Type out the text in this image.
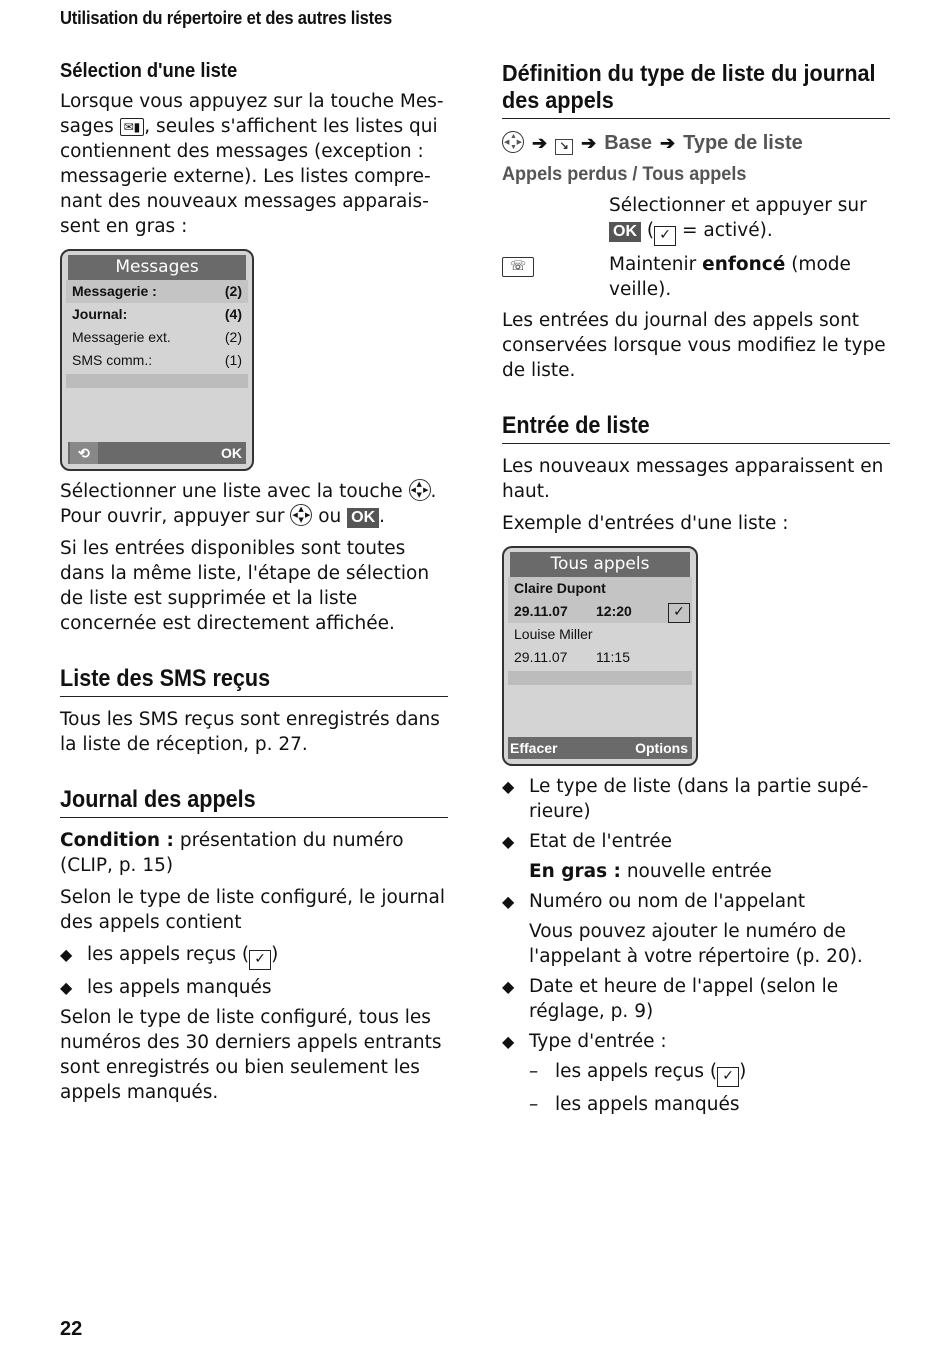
Utilisation du répertoire et des autres listes
Sélection d'une liste

Lorsque vous appuyez sur la touche Mes-sages ✉▮ , seules s'affichent les listes qui contiennent des messages (exception : messagerie externe). Les listes compre-nant des nouveaux messages apparais-sent en gras :

Messages
Messagerie :	(2)
Journal:	(4)
Messagerie ext.	(2)
SMS comm.:	(1)
⟲	OK

Sélectionner une liste avec la touche ▲
▼
◀ ▶ .
Pour ouvrir, appuyer sur ▲
▼
◀ ▶ ou OK .

Si les entrées disponibles sont toutes dans la même liste, l'étape de sélection de liste est supprimée et la liste concernée est directement affichée.

Liste des SMS reçus

Tous les SMS reçus sont enregistrés dans la liste de réception, p. 27.

Journal des appels

Condition : présentation du numéro (CLIP, p. 15)

Selon le type de liste configuré, le journal des appels contient

◆ les appels reçus ( ✓ )
◆ les appels manqués

Selon le type de liste configuré, tous les numéros des 30 derniers appels entrants sont enregistrés ou bien seulement les appels manqués.

Définition du type de liste du journal des appels
▲
▼
◀ ▶ ➔ ↘ ➔ Base ➔ Type de liste
Appels perdus / Tous appels
Sélectionner et appuyer sur OK ( ✓ = activé).
☏	Maintenir enfoncé (mode veille).

Les entrées du journal des appels sont conservées lorsque vous modifiez le type de liste.

Entrée de liste

Les nouveaux messages apparaissent en haut.

Exemple d'entrées d'une liste :

Tous appels
Claire Dupont
29.11.07	12:20	✓
Louise Miller
29.11.07	11:15
Effacer	Options
◆ Le type de liste (dans la partie supé-rieure)
◆ Etat de l'entrée
En gras : nouvelle entrée
◆ Numéro ou nom de l'appelant
Vous pouvez ajouter le numéro de l'appelant à votre répertoire (p. 20).
◆ Date et heure de l'appel (selon le réglage, p. 9)
◆ Type d'entrée :
– les appels reçus ( ✓ )
– les appels manqués
22
